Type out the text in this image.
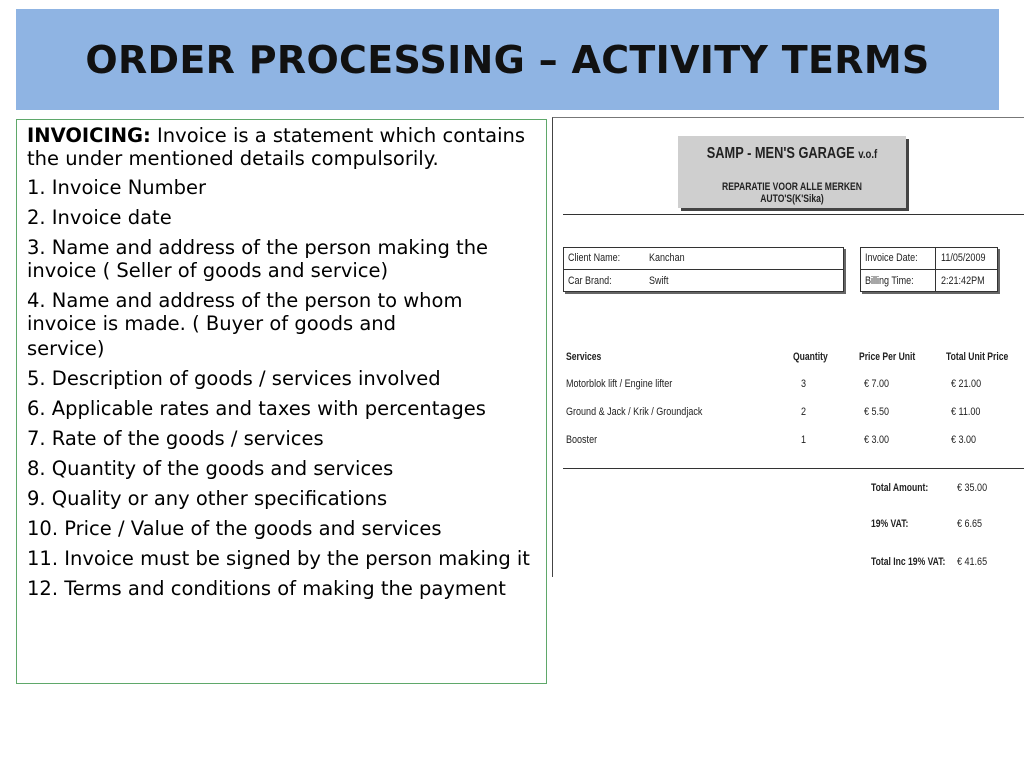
ORDER PROCESSING – ACTIVITY TERMS
INVOICING: Invoice is a statement which contains the under mentioned details compulsorily.
1. Invoice Number
2. Invoice date
3. Name and address of the person making the invoice ( Seller of goods and service)
4. Name and address of the person to whom invoice is made. ( Buyer of goods and
service)
5. Description of goods / services involved
6. Applicable rates and taxes with percentages
7. Rate of the goods / services
8. Quantity of the goods and services
9. Quality or any other specifications
10. Price / Value of the goods and services
11. Invoice must be signed by the person making it
12. Terms and conditions of making the payment
SAMP - MEN'S GARAGE v.o.f
REPARATIE VOOR ALLE MERKEN AUTO'S(K'Sika)
Client Name:	Kanchan
Car Brand:	Swift
Invoice Date: 11/05/2009
Billing Time: 2:21:42PM
Services	Quantity	Price Per Unit	Total Unit Price
Motorblok lift / Engine lifter	3	€ 7.00	€ 21.00
Ground & Jack / Krik / Groundjack	2	€ 5.50	€ 11.00
Booster	1	€ 3.00	€ 3.00
Total Amount:	€ 35.00
19% VAT:	€ 6.65
Total Inc 19% VAT: € 41.65
